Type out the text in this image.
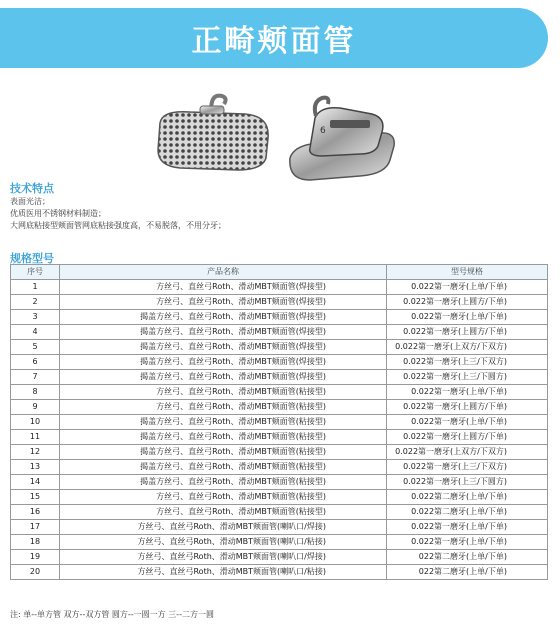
正畸颊面管
6
技术特点
表面光洁；
优质医用不锈钢材料制造；
大网底粘接型颊面管网底粘接强度高，不易脱落，不用分牙；
规格型号
序号	产品名称	型号规格
1	方丝弓、直丝弓Roth、滑动MBT颊面管(焊接型)	0.022第一磨牙(上单/下单)
2	方丝弓、直丝弓Roth、滑动MBT颊面管(焊接型)	0.022第一磨牙(上圆方/下单)
3	揭盖方丝弓、直丝弓Roth、滑动MBT颊面管(焊接型)	0.022第一磨牙(上单/下单)
4	揭盖方丝弓、直丝弓Roth、滑动MBT颊面管(焊接型)	0.022第一磨牙(上圆方/下单)
5	揭盖方丝弓、直丝弓Roth、滑动MBT颊面管(焊接型)	0.022第一磨牙(上双方/下双方)
6	揭盖方丝弓、直丝弓Roth、滑动MBT颊面管(焊接型)	0.022第一磨牙(上三/下双方)
7	揭盖方丝弓、直丝弓Roth、滑动MBT颊面管(焊接型)	0.022第一磨牙(上三/下圆方)
8	方丝弓、直丝弓Roth、滑动MBT颊面管(粘接型)	0.022第一磨牙(上单/下单)
9	方丝弓、直丝弓Roth、滑动MBT颊面管(粘接型)	0.022第一磨牙(上圆方/下单)
10	揭盖方丝弓、直丝弓Roth、滑动MBT颊面管(粘接型)	0.022第一磨牙(上单/下单)
11	揭盖方丝弓、直丝弓Roth、滑动MBT颊面管(粘接型)	0.022第一磨牙(上圆方/下单)
12	揭盖方丝弓、直丝弓Roth、滑动MBT颊面管(粘接型)	0.022第一磨牙(上双方/下双方)
13	揭盖方丝弓、直丝弓Roth、滑动MBT颊面管(粘接型)	0.022第一磨牙(上三/下双方)
14	揭盖方丝弓、直丝弓Roth、滑动MBT颊面管(粘接型)	0.022第一磨牙(上三/下圆方)
15	方丝弓、直丝弓Roth、滑动MBT颊面管(粘接型)	0.022第二磨牙(上单/下单)
16	方丝弓、直丝弓Roth、滑动MBT颊面管(粘接型)	0.022第二磨牙(上单/下单)
17	方丝弓、直丝弓Roth、滑动MBT颊面管(喇叭口/焊接)	0.022第一磨牙(上单/下单)
18	方丝弓、直丝弓Roth、滑动MBT颊面管(喇叭口/粘接)	0.022第一磨牙(上单/下单)
19	方丝弓、直丝弓Roth、滑动MBT颊面管(喇叭口/焊接)	022第二磨牙(上单/下单)
20	方丝弓、直丝弓Roth、滑动MBT颊面管(喇叭口/粘接)	022第二磨牙(上单/下单)
注: 单--单方管 双方--双方管 圆方--一圆一方 三--二方一圆
